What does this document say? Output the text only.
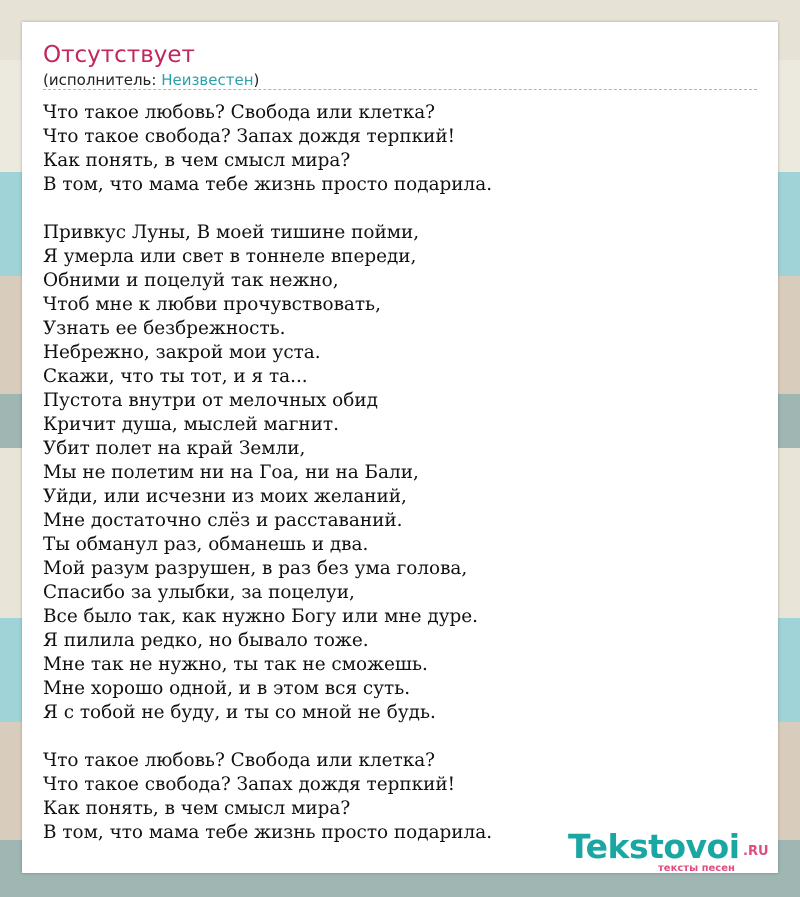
Отсутствует
(исполнитель: Неизвестен)
Что такое любовь? Свобода или клетка?
Что такое свобода? Запах дождя терпкий!
Как понять, в чем смысл мира?
В том, что мама тебе жизнь просто подарила.
Привкус Луны, В моей тишине пойми,
Я умерла или свет в тоннеле впереди,
Обними и поцелуй так нежно,
Чтоб мне к любви прочувствовать,
Узнать ее безбрежность.
Небрежно, закрой мои уста.
Скажи, что ты тот, и я та...
Пустота внутри от мелочных обид
Кричит душа, мыслей магнит.
Убит полет на край Земли,
Мы не полетим ни на Гоа, ни на Бали,
Уйди, или исчезни из моих желаний,
Мне достаточно слёз и расставаний.
Ты обманул раз, обманешь и два.
Мой разум разрушен, в раз без ума голова,
Спасибо за улыбки, за поцелуи,
Все было так, как нужно Богу или мне дуре.
Я пилила редко, но бывало тоже.
Мне так не нужно, ты так не сможешь.
Мне хорошо одной, и в этом вся суть.
Я с тобой не буду, и ты со мной не будь.
Что такое любовь? Свобода или клетка?
Что такое свобода? Запах дождя терпкий!
Как понять, в чем смысл мира?
В том, что мама тебе жизнь просто подарила.	Tekstovoi .RU
тексты песен
